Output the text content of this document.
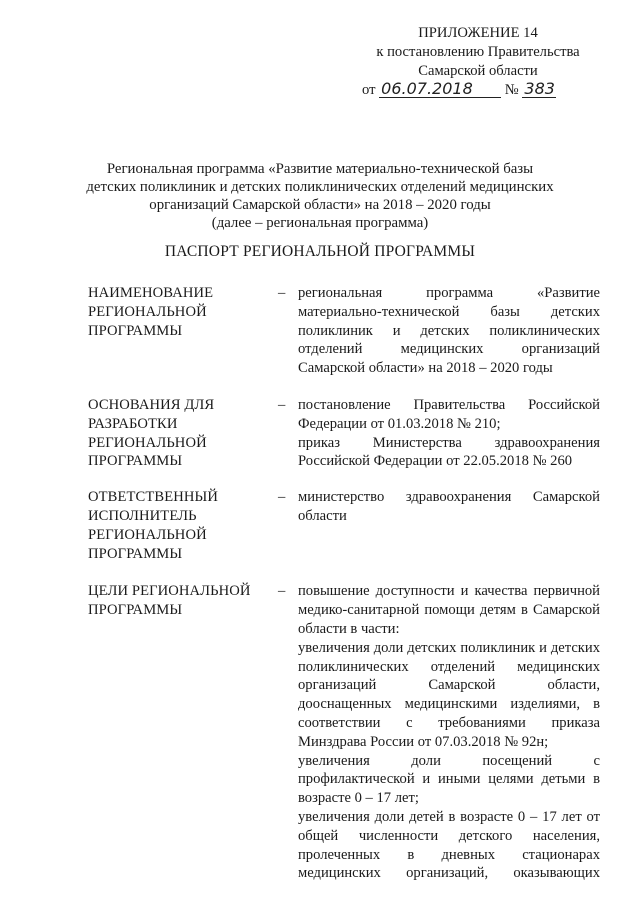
ПРИЛОЖЕНИЕ 14
к постановлению Правительства
Самарской области
от 06.07.2018 № 383
Региональная программа «Развитие материально-технической базы
детских поликлиник и детских поликлинических отделений медицинских
организаций Самарской области» на 2018 – 2020 годы
(далее – региональная программа)
ПАСПОРТ РЕГИОНАЛЬНОЙ ПРОГРАММЫ
НАИМЕНОВАНИЕ
РЕГИОНАЛЬНОЙ
ПРОГРАММЫ
– региональная программа «Развитие материально-технической базы детских поликлиник и детских поликлинических отделений медицинских организаций Самарской области» на 2018 – 2020 годы

ОСНОВАНИЯ ДЛЯ
РАЗРАБОТКИ
РЕГИОНАЛЬНОЙ
ПРОГРАММЫ
– постановление Правительства Российской Федерации от 01.03.2018 № 210;

приказ Министерства здравоохранения Российской Федерации от 22.05.2018 № 260

ОТВЕТСТВЕННЫЙ
ИСПОЛНИТЕЛЬ
РЕГИОНАЛЬНОЙ
ПРОГРАММЫ
– министерство здравоохранения Самарской области

ЦЕЛИ РЕГИОНАЛЬНОЙ
ПРОГРАММЫ
– повышение доступности и качества первичной медико-санитарной помощи детям в Самарской области в части:

увеличения доли детских поликлиник и детских поликлинических отделений медицинских организаций Самарской области, дооснащенных медицинскими изделиями, в соответствии с требованиями приказа Минздрава России от 07.03.2018 № 92н;

увеличения доли посещений с профилактической и иными целями детьми в возрасте 0 – 17 лет;

увеличения доли детей в возрасте 0 – 17 лет от общей численности детского населения, пролеченных в дневных стационарах медицинских организаций, оказывающих
